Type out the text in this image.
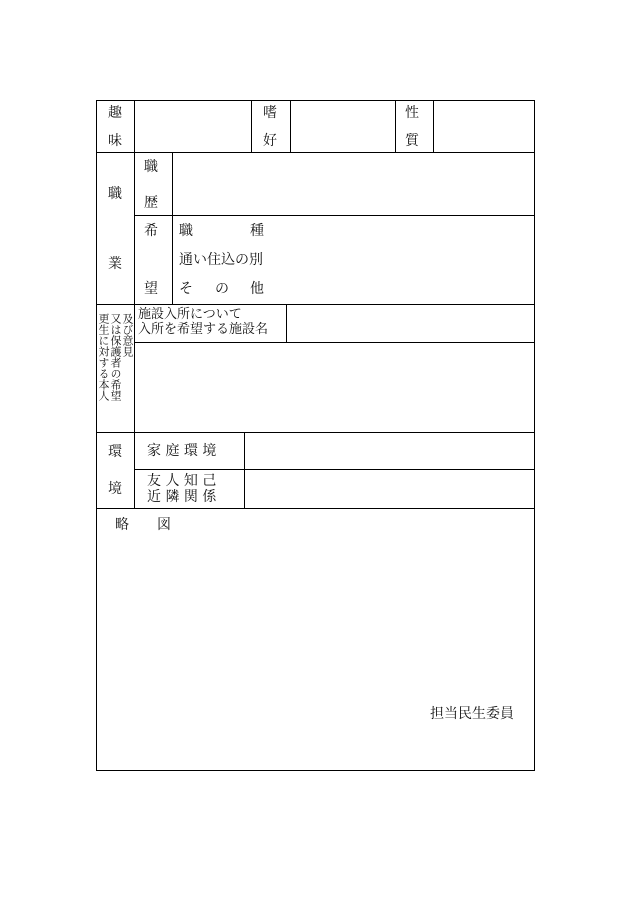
趣
味
嗜
好
性
質
職
業
職
歴
希
望
職	種
通い住込の別
そ の 他
及び意見
又は保護者の希望
更生に対する本人 施設入所について
入所を希望する施設名
環
境
家 庭 環 境
友 人 知 己
近 隣 関 係
略　　図
担当民生委員
